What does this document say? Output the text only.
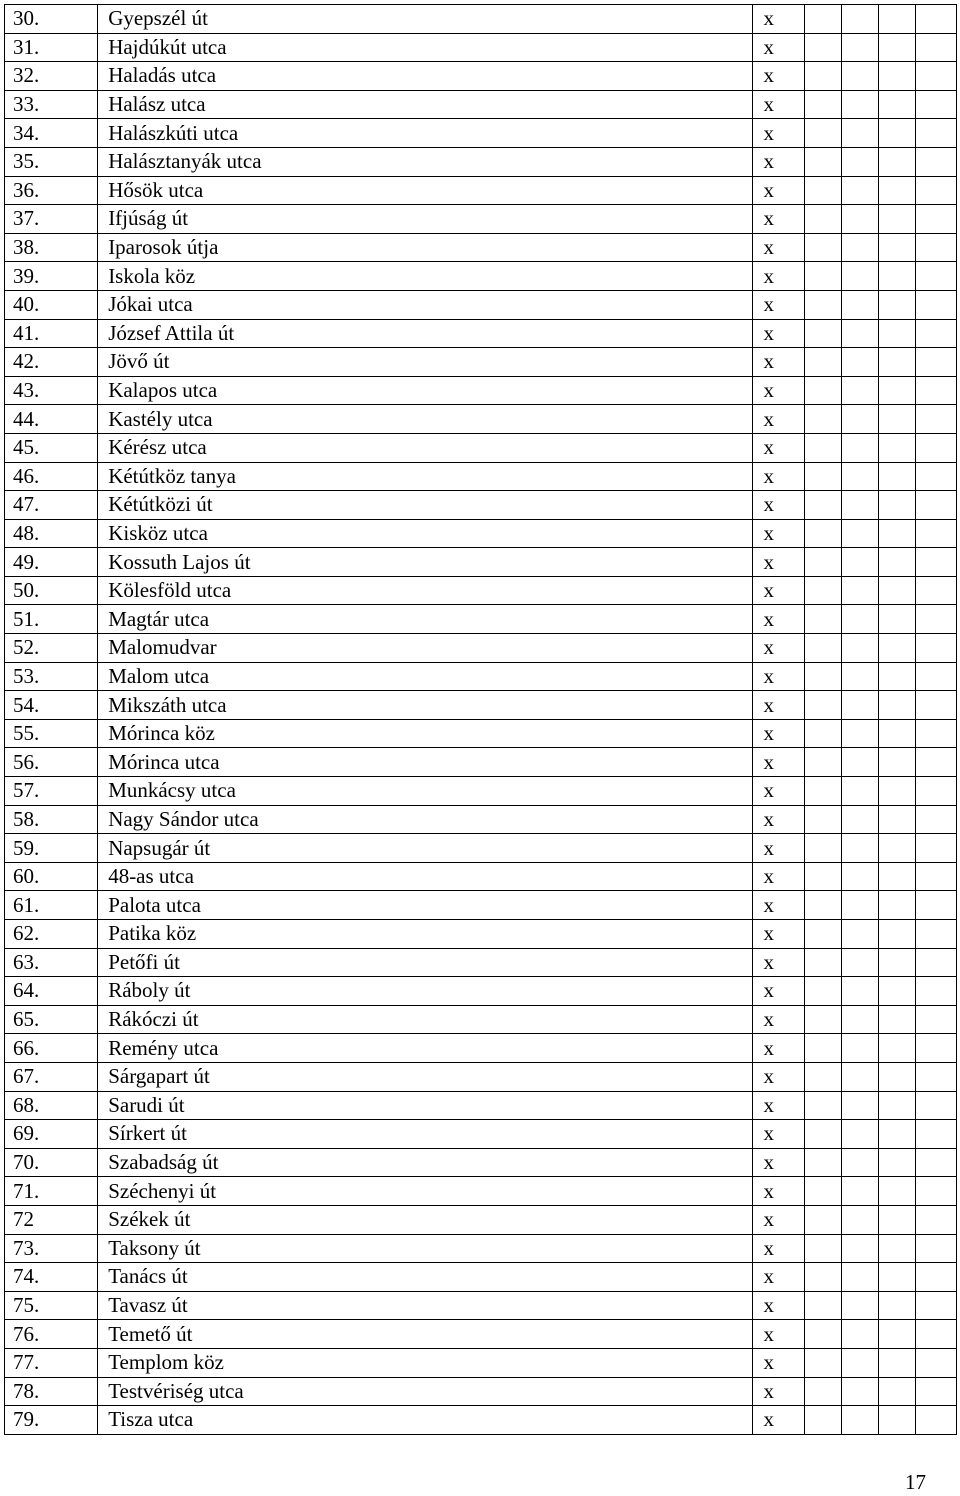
30.	Gyepszél út	x				
31.	Hajdúkút utca	x				
32.	Haladás utca	x				
33.	Halász utca	x				
34.	Halászkúti utca	x				
35.	Halásztanyák utca	x				
36.	Hősök utca	x				
37.	Ifjúság út	x				
38.	Iparosok útja	x				
39.	Iskola köz	x				
40.	Jókai utca	x				
41.	József Attila út	x				
42.	Jövő út	x				
43.	Kalapos utca	x				
44.	Kastély utca	x				
45.	Kérész utca	x				
46.	Kétútköz tanya	x				
47.	Kétútközi út	x				
48.	Kisköz utca	x				
49.	Kossuth Lajos út	x				
50.	Kölesföld utca	x				
51.	Magtár utca	x				
52.	Malomudvar	x				
53.	Malom utca	x				
54.	Mikszáth utca	x				
55.	Mórinca köz	x				
56.	Mórinca utca	x				
57.	Munkácsy utca	x				
58.	Nagy Sándor utca	x				
59.	Napsugár út	x				
60.	48-as utca	x				
61.	Palota utca	x				
62.	Patika köz	x				
63.	Petőfi út	x				
64.	Ráboly út	x				
65.	Rákóczi út	x				
66.	Remény utca	x				
67.	Sárgapart út	x				
68.	Sarudi út	x				
69.	Sírkert út	x				
70.	Szabadság út	x				
71.	Széchenyi út	x				
72	Székek út	x				
73.	Taksony út	x				
74.	Tanács út	x				
75.	Tavasz út	x				
76.	Temető út	x				
77.	Templom köz	x				
78.	Testvériség utca	x				
79.	Tisza utca	x				
17
